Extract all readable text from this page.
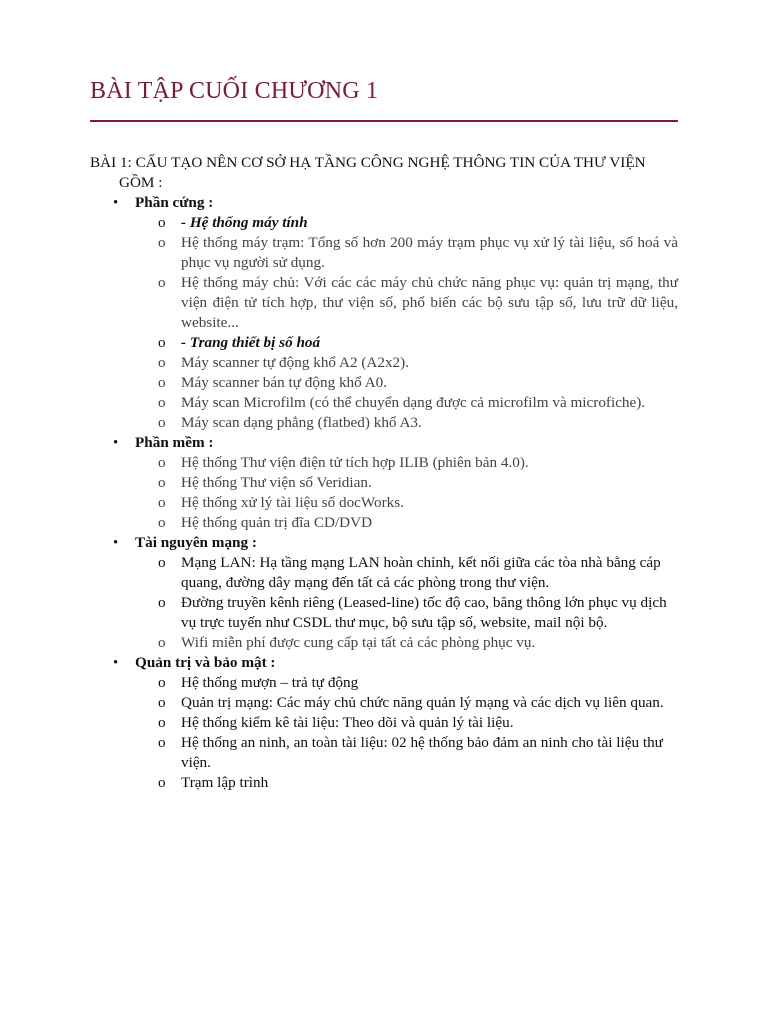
BÀI TẬP CUỐI CHƯƠNG 1
BÀI 1: CẤU TẠO NÊN CƠ SỞ HẠ TẦNG CÔNG NGHỆ THÔNG TIN CỦA THƯ VIỆN GỒM :
• Phần cứng :
o - Hệ thống máy tính
o Hệ thống máy trạm: Tổng số hơn 200 máy trạm phục vụ xử lý tài liệu, số hoá và phục vụ người sử dụng.
o Hệ thống máy chủ: Với các các máy chủ chức năng phục vụ: quản trị mạng, thư viện điện tử tích hợp, thư viện số, phổ biến các bộ sưu tập số, lưu trữ dữ liệu, website...
o - Trang thiết bị số hoá
o Máy scanner tự động khổ A2 (A2x2).
o Máy scanner bán tự động khổ A0.
o Máy scan Microfilm (có thể chuyển dạng được cả microfilm và microfiche).
o Máy scan dạng phẳng (flatbed) khổ A3.
• Phần mềm :
o Hệ thống Thư viện điện tử tích hợp ILIB (phiên bản 4.0).
o Hệ thống Thư viện số Veridian.
o Hệ thống xử lý tài liệu số docWorks.
o Hệ thống quản trị đĩa CD/DVD
• Tài nguyên mạng :
o Mạng LAN: Hạ tầng mạng LAN hoàn chỉnh, kết nối giữa các tòa nhà bằng cáp quang, đường dây mạng đến tất cả các phòng trong thư viện.
o Đường truyền kênh riêng (Leased-line) tốc độ cao, băng thông lớn phục vụ dịch vụ trực tuyến như CSDL thư mục, bộ sưu tập số, website, mail nội bộ.
o Wifi miễn phí được cung cấp tại tất cả các phòng phục vụ.
• Quản trị và bảo mật :
o Hệ thống mượn – trả tự động
o Quản trị mạng: Các máy chủ chức năng quản lý mạng và các dịch vụ liên quan.
o Hệ thống kiểm kê tài liệu: Theo dõi và quản lý tài liệu.
o Hệ thống an ninh, an toàn tài liệu: 02 hệ thống bảo đảm an ninh cho tài liệu thư viện.
o Trạm lập trình
